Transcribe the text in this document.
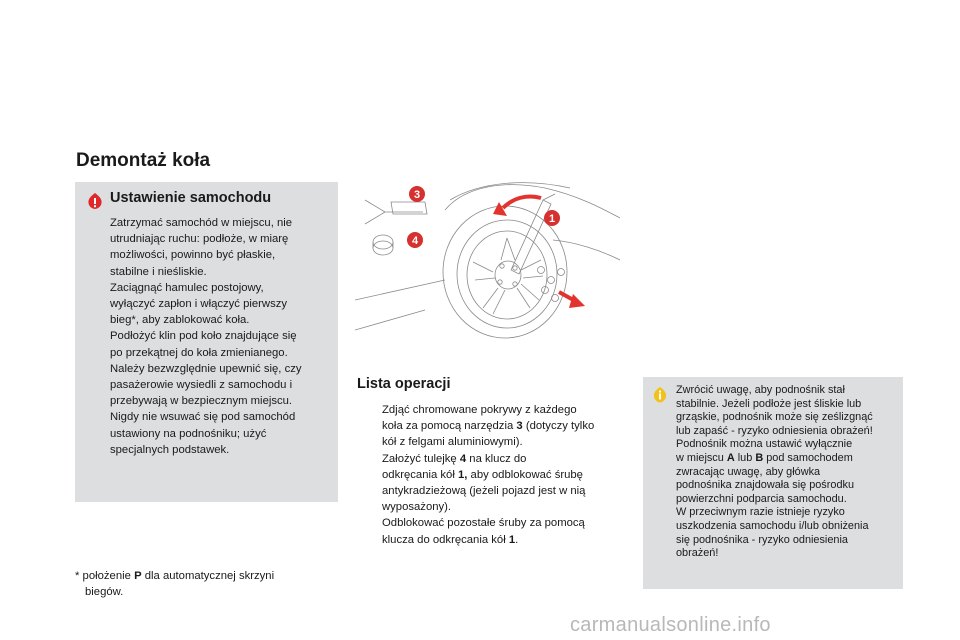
Demontaż koła
Ustawienie samochodu

Zatrzymać samochód w miejscu, nie

utrudniając ruchu: podłoże, w miarę

możliwości, powinno być płaskie,

stabilne i nieśliskie.

Zaciągnąć hamulec postojowy,

wyłączyć zapłon i włączyć pierwszy

bieg*, aby zablokować koła.

Podłożyć klin pod koło znajdujące się

po przekątnej do koła zmienianego.

Należy bezwzględnie upewnić się, czy

pasażerowie wysiedli z samochodu i

przebywają w bezpiecznym miejscu.

Nigdy nie wsuwać się pod samochód

ustawiony na podnośniku; użyć

specjalnych podstawek.

* położenie P dla automatycznej skrzyni
biegów.
1
3
4
Lista operacji
Zdjąć chromowane pokrywy z każdego
koła za pomocą narzędzia 3 (dotyczy tylko
kół z felgami aluminiowymi).
Założyć tulejkę 4 na klucz do
odkręcania kół 1, aby odblokować śrubę
antykradzieżową (jeżeli pojazd jest w nią
wyposażony).
Odblokować pozostałe śruby za pomocą
klucza do odkręcania kół 1.

Zwrócić uwagę, aby podnośnik stał

stabilnie. Jeżeli podłoże jest śliskie lub

grząskie, podnośnik może się ześlizgnąć

lub zapaść - ryzyko odniesienia obrażeń!

Podnośnik można ustawić wyłącznie

w miejscu A lub B pod samochodem

zwracając uwagę, aby główka

podnośnika znajdowała się pośrodku

powierzchni podparcia samochodu.

W przeciwnym razie istnieje ryzyko

uszkodzenia samochodu i/lub obniżenia

się podnośnika - ryzyko odniesienia

obrażeń!

carmanualsonline.info
